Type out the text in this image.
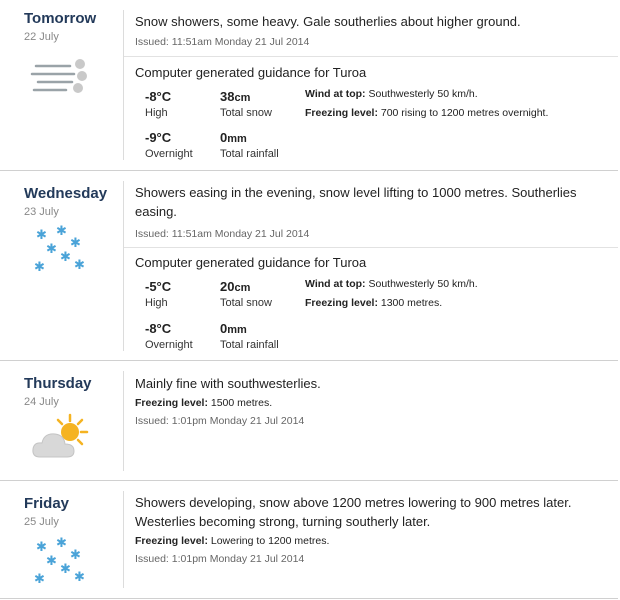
Tomorrow
22 July
Snow showers, some heavy. Gale southerlies about higher ground.
Issued: 11:51am Monday 21 Jul 2014
Computer generated guidance for Turoa
-8°C
High
38cm
Total snow
-9°C
Overnight
0mm
Total rainfall
Wind at top: Southwesterly 50 km/h.
Freezing level: 700 rising to 1200 metres overnight.
Wednesday
23 July
✱ ✱
✱
✱
✱
✱ ✱
Showers easing in the evening, snow level lifting to 1000 metres. Southerlies easing.
Issued: 11:51am Monday 21 Jul 2014
Computer generated guidance for Turoa
-5°C
High
20cm
Total snow
-8°C
Overnight
0mm
Total rainfall
Wind at top: Southwesterly 50 km/h.
Freezing level: 1300 metres.
Thursday
24 July
Mainly fine with southwesterlies.
Freezing level: 1500 metres.
Issued: 1:01pm Monday 21 Jul 2014
Friday
25 July
✱ ✱
✱
✱
✱
✱ ✱
Showers developing, snow above 1200 metres lowering to 900 metres later. Westerlies becoming strong, turning southerly later.
Freezing level: Lowering to 1200 metres.
Issued: 1:01pm Monday 21 Jul 2014
